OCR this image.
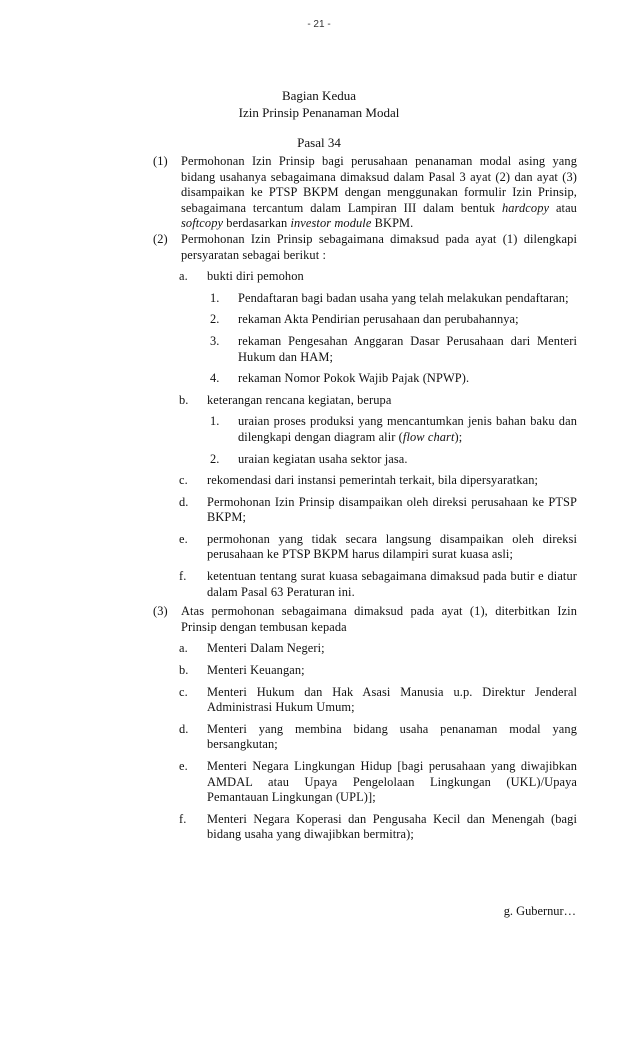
- 21 -
Bagian Kedua
Izin Prinsip Penanaman Modal
Pasal 34
(1) Permohonan Izin Prinsip bagi perusahaan penanaman modal asing yang bidang usahanya sebagaimana dimaksud dalam Pasal 3 ayat (2) dan ayat (3) disampaikan ke PTSP BKPM dengan menggunakan formulir Izin Prinsip, sebagaimana tercantum dalam Lampiran III dalam bentuk hardcopy atau softcopy berdasarkan investor module BKPM.
(2) Permohonan Izin Prinsip sebagaimana dimaksud pada ayat (1) dilengkapi persyaratan sebagai berikut :
a. bukti diri pemohon
1. Pendaftaran bagi badan usaha yang telah melakukan pendaftaran;
2. rekaman Akta Pendirian perusahaan dan perubahannya;
3. rekaman Pengesahan Anggaran Dasar Perusahaan dari Menteri Hukum dan HAM;
4. rekaman Nomor Pokok Wajib Pajak (NPWP).
b. keterangan rencana kegiatan, berupa
1. uraian proses produksi yang mencantumkan jenis bahan baku dan dilengkapi dengan diagram alir (flow chart);
2. uraian kegiatan usaha sektor jasa.
c. rekomendasi dari instansi pemerintah terkait, bila dipersyaratkan;
d. Permohonan Izin Prinsip disampaikan oleh direksi perusahaan ke PTSP BKPM;
e. permohonan yang tidak secara langsung disampaikan oleh direksi perusahaan ke PTSP BKPM harus dilampiri surat kuasa asli;
f. ketentuan tentang surat kuasa sebagaimana dimaksud pada butir e diatur dalam Pasal 63 Peraturan ini.
(3) Atas permohonan sebagaimana dimaksud pada ayat (1), diterbitkan Izin Prinsip dengan tembusan kepada
a. Menteri Dalam Negeri;
b. Menteri Keuangan;
c. Menteri Hukum dan Hak Asasi Manusia u.p. Direktur Jenderal Administrasi Hukum Umum;
d. Menteri yang membina bidang usaha penanaman modal yang bersangkutan;
e. Menteri Negara Lingkungan Hidup [bagi perusahaan yang diwajibkan AMDAL atau Upaya Pengelolaan Lingkungan (UKL)/Upaya Pemantauan Lingkungan (UPL)];
f. Menteri Negara Koperasi dan Pengusaha Kecil dan Menengah (bagi bidang usaha yang diwajibkan bermitra);
g. Gubernur…
